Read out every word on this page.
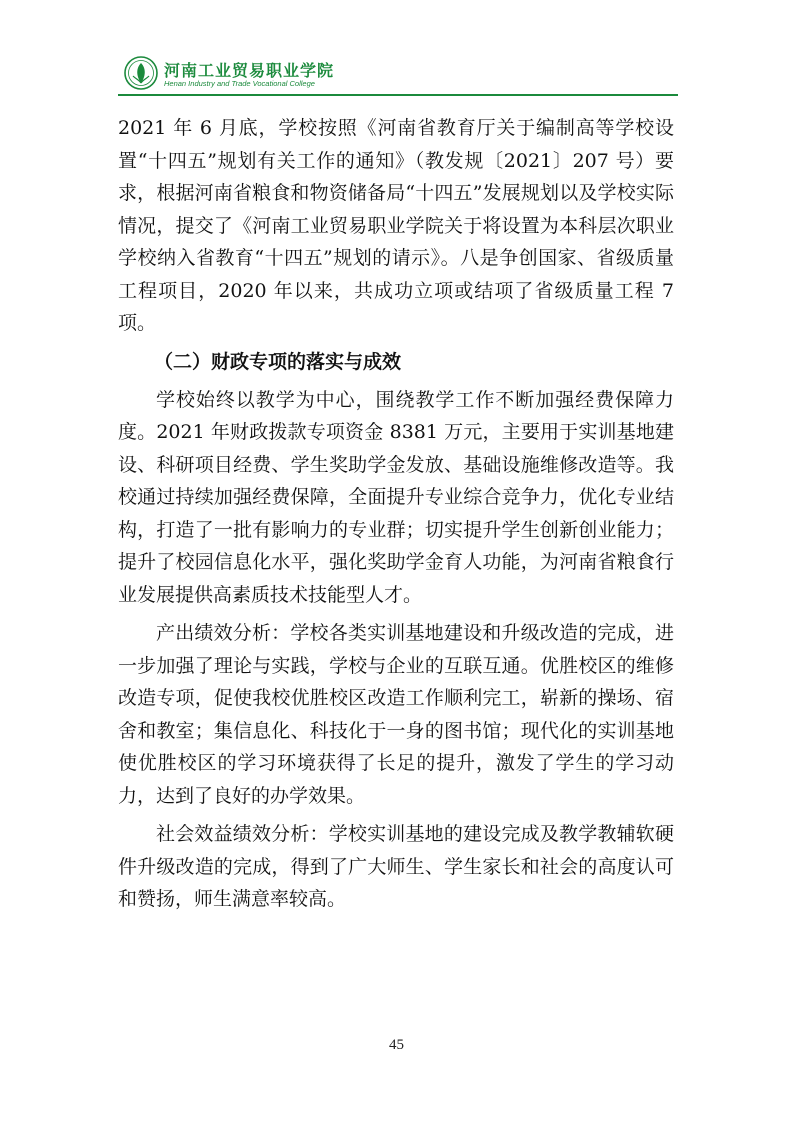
河南工业贸易职业学院
Henan Industry and Trade Vocational College

2021 年 6 月底，学校按照《河南省教育厅关于编制高等学校设置“十四五”规划有关工作的通知》（教发规〔2021〕207 号）要求，根据河南省粮食和物资储备局“十四五”发展规划以及学校实际情况，提交了《河南工业贸易职业学院关于将设置为本科层次职业学校纳入省教育“十四五”规划的请示》。八是争创国家、省级质量工程项目，2020 年以来，共成功立项或结项了省级质量工程 7 项。

（二）财政专项的落实与成效

学校始终以教学为中心，围绕教学工作不断加强经费保障力度。2021 年财政拨款专项资金 8381 万元，主要用于实训基地建设、科研项目经费、学生奖助学金发放、基础设施维修改造等。我校通过持续加强经费保障，全面提升专业综合竞争力，优化专业结构，打造了一批有影响力的专业群；切实提升学生创新创业能力；提升了校园信息化水平，强化奖助学金育人功能，为河南省粮食行业发展提供高素质技术技能型人才。

产出绩效分析：学校各类实训基地建设和升级改造的完成，进一步加强了理论与实践，学校与企业的互联互通。优胜校区的维修改造专项，促使我校优胜校区改造工作顺利完工，崭新的操场、宿舍和教室；集信息化、科技化于一身的图书馆；现代化的实训基地使优胜校区的学习环境获得了长足的提升，激发了学生的学习动力，达到了良好的办学效果。

社会效益绩效分析：学校实训基地的建设完成及教学教辅软硬件升级改造的完成，得到了广大师生、学生家长和社会的高度认可和赞扬，师生满意率较高。

45
